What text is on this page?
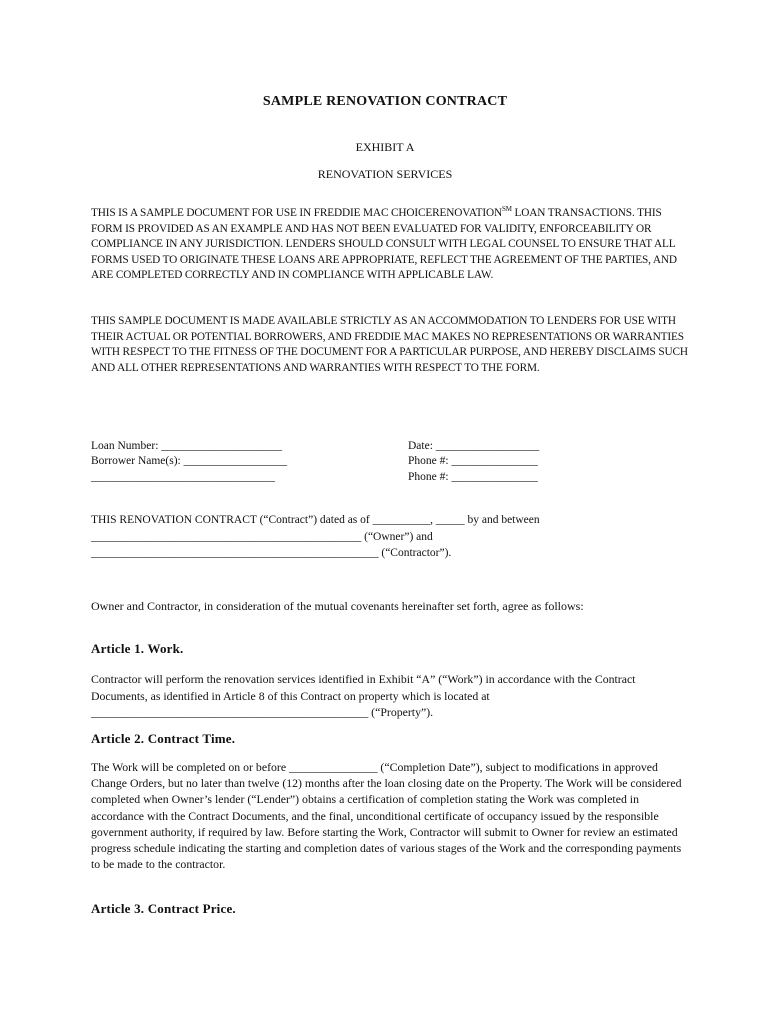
SAMPLE RENOVATION CONTRACT
EXHIBIT A
RENOVATION SERVICES
THIS IS A SAMPLE DOCUMENT FOR USE IN FREDDIE MAC CHOICERENOVATION℠ LOAN TRANSACTIONS. THIS FORM IS PROVIDED AS AN EXAMPLE AND HAS NOT BEEN EVALUATED FOR VALIDITY, ENFORCEABILITY OR COMPLIANCE IN ANY JURISDICTION. LENDERS SHOULD CONSULT WITH LEGAL COUNSEL TO ENSURE THAT ALL FORMS USED TO ORIGINATE THESE LOANS ARE APPROPRIATE, REFLECT THE AGREEMENT OF THE PARTIES, AND ARE COMPLETED CORRECTLY AND IN COMPLIANCE WITH APPLICABLE LAW.
THIS SAMPLE DOCUMENT IS MADE AVAILABLE STRICTLY AS AN ACCOMMODATION TO LENDERS FOR USE WITH THEIR ACTUAL OR POTENTIAL BORROWERS, AND FREDDIE MAC MAKES NO REPRESENTATIONS OR WARRANTIES WITH RESPECT TO THE FITNESS OF THE DOCUMENT FOR A PARTICULAR PURPOSE, AND HEREBY DISCLAIMS SUCH AND ALL OTHER REPRESENTATIONS AND WARRANTIES WITH RESPECT TO THE FORM.
Loan Number: _____________________
Borrower Name(s): __________________
________________________________
Date: __________________
Phone #: _______________
Phone #: _______________
THIS RENOVATION CONTRACT (“Contract”) dated as of __________, _____ by and between
_______________________________________________ (“Owner”) and
__________________________________________________ (“Contractor”).
Owner and Contractor, in consideration of the mutual covenants hereinafter set forth, agree as follows:
Article 1. Work.
Contractor will perform the renovation services identified in Exhibit “A” (“Work”) in accordance with the Contract Documents, as identified in Article 8 of this Contract on property which is located at _______________________________________________ (“Property”).
Article 2. Contract Time.
The Work will be completed on or before _______________ (“Completion Date”), subject to modifications in approved Change Orders, but no later than twelve (12) months after the loan closing date on the Property. The Work will be considered completed when Owner’s lender (“Lender”) obtains a certification of completion stating the Work was completed in accordance with the Contract Documents, and the final, unconditional certificate of occupancy issued by the responsible government authority, if required by law. Before starting the Work, Contractor will submit to Owner for review an estimated progress schedule indicating the starting and completion dates of various stages of the Work and the corresponding payments to be made to the contractor.
Article 3. Contract Price.
